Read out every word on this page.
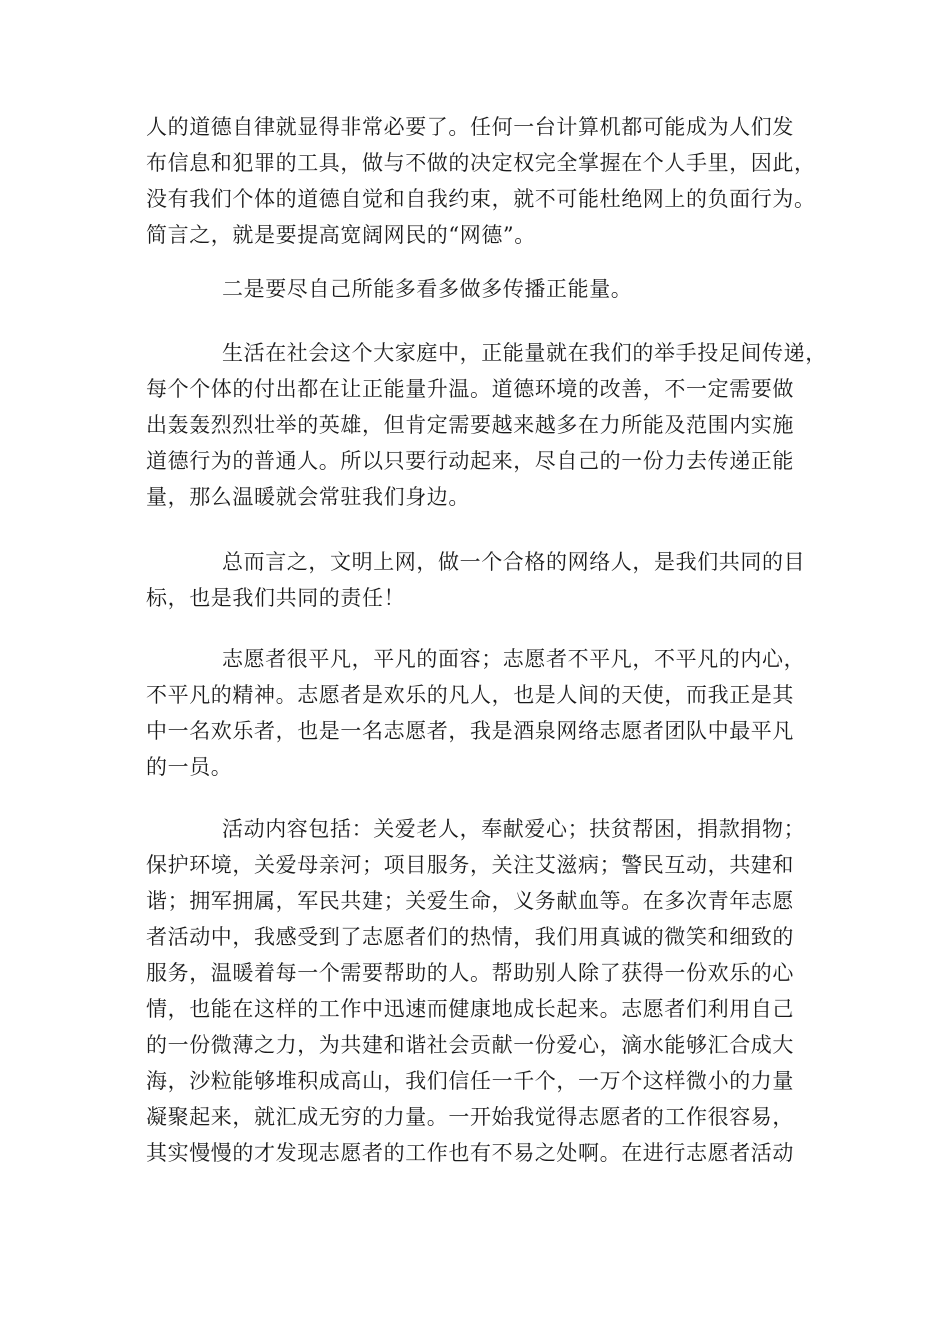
人的道德自律就显得非常必要了。任何一台计算机都可能成为人们发
布信息和犯罪的工具，做与不做的决定权完全掌握在个人手里，因此，
没有我们个体的道德自觉和自我约束，就不可能杜绝网上的负面行为。
简言之，就是要提高宽阔网民的“网德”。
二是要尽自己所能多看多做多传播正能量。
生活在社会这个大家庭中，正能量就在我们的举手投足间传递，
每个个体的付出都在让正能量升温。道德环境的改善，不一定需要做
出轰轰烈烈壮举的英雄，但肯定需要越来越多在力所能及范围内实施
道德行为的普通人。所以只要行动起来，尽自己的一份力去传递正能
量，那么温暖就会常驻我们身边。
总而言之，文明上网，做一个合格的网络人，是我们共同的目
标，也是我们共同的责任！
志愿者很平凡，平凡的面容；志愿者不平凡，不平凡的内心，
不平凡的精神。志愿者是欢乐的凡人，也是人间的天使，而我正是其
中一名欢乐者，也是一名志愿者，我是酒泉网络志愿者团队中最平凡
的一员。
活动内容包括：关爱老人，奉献爱心；扶贫帮困，捐款捐物；
保护环境，关爱母亲河；项目服务，关注艾滋病；警民互动，共建和
谐；拥军拥属，军民共建；关爱生命，义务献血等。在多次青年志愿
者活动中，我感受到了志愿者们的热情，我们用真诚的微笑和细致的
服务，温暖着每一个需要帮助的人。帮助别人除了获得一份欢乐的心
情，也能在这样的工作中迅速而健康地成长起来。志愿者们利用自己
的一份微薄之力，为共建和谐社会贡献一份爱心，滴水能够汇合成大
海，沙粒能够堆积成高山，我们信任一千个，一万个这样微小的力量
凝聚起来，就汇成无穷的力量。一开始我觉得志愿者的工作很容易，
其实慢慢的才发现志愿者的工作也有不易之处啊。在进行志愿者活动
